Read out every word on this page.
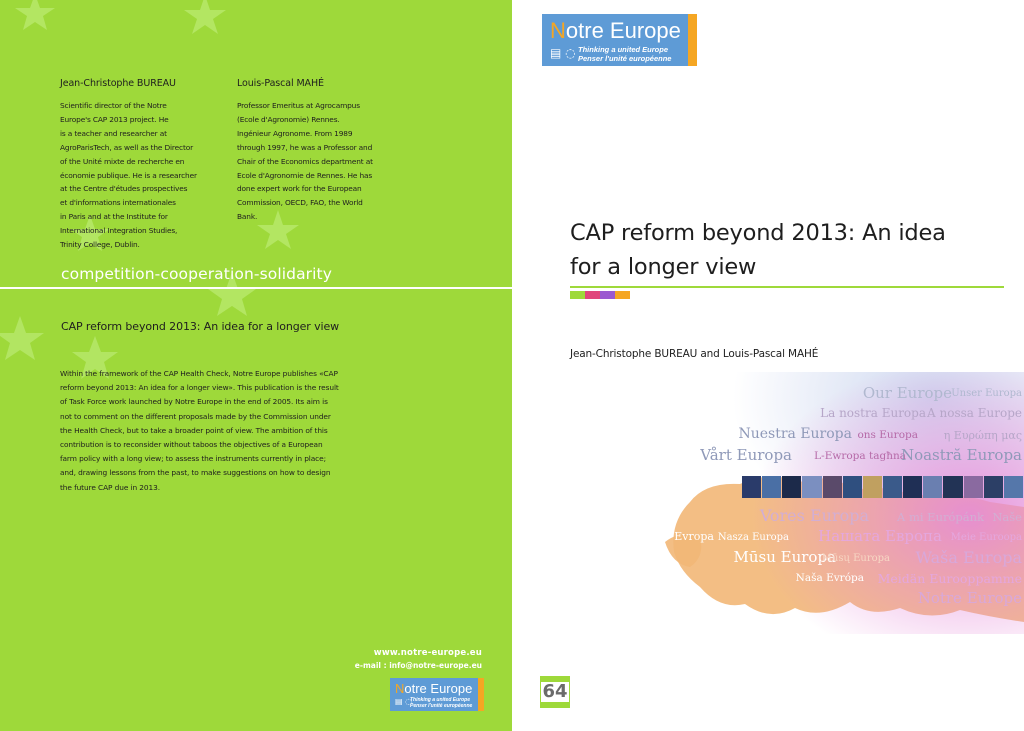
Jean-Christophe BUREAU

Scientific director of the Notre

Europe's CAP 2013 project. He

is a teacher and researcher at

AgroParisTech, as well as the Director

of the Unité mixte de recherche en

économie publique. He is a researcher

at the Centre d'études prospectives

et d'informations internationales

in Paris and at the Institute for

International Integration Studies,

Trinity College, Dublin.

Louis-Pascal MAHÉ

Professor Emeritus at Agrocampus

(Ecole d'Agronomie) Rennes.

Ingénieur Agronome. From 1989

through 1997, he was a Professor and

Chair of the Economics department at

Ecole d'Agronomie de Rennes. He has

done expert work for the European

Commission, OECD, FAO, the World

Bank.

competition-cooperation-solidarity
CAP reform beyond 2013: An idea for a longer view

Within the framework of the CAP Health Check, Notre Europe publishes «CAP

reform beyond 2013: An idea for a longer view». This publication is the result

of Task Force work launched by Notre Europe in the end of 2005. Its aim is

not to comment on the different proposals made by the Commission under

the Health Check, but to take a broader point of view. The ambition of this

contribution is to reconsider without taboos the objectives of a European

farm policy with a long view; to assess the instruments currently in place;

and, drawing lessons from the past, to make suggestions on how to design

the future CAP due in 2013.

www.notre-europe.eu
e-mail : info@notre-europe.eu
Notre Europe
▤ ◌
Thinking a united Europe
Penser l'unité européenne
Notre Europe
▤ ◌ Thinking a united Europe
Penser l'unité européenne
CAP reform beyond 2013: An idea
for a longer view
Jean-Christophe BUREAU and Louis-Pascal MAHÉ
Our Europe Unser Europa
La nostra Europa A nossa Europe
Nuestra Europa ons Europa η Ευρώπη μας
Vårt Europa L-Ewropa tagħna
Noastră Europa
Vores Europa A mi Európánk Naše
Evropa Nasza Europa Нашата Европа Meie Euroopa
Mūsu Europa
Mūsų Europa Waša Europa
Naša Evrópa Meidän Eurooppamme
Notre Europe
64
